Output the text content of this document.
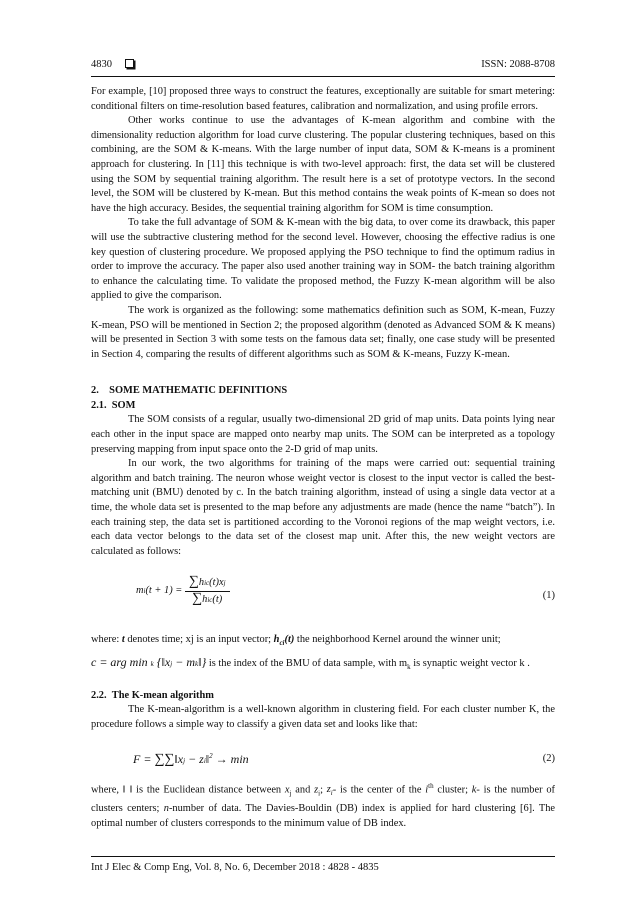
4830	ISSN: 2088-8708

For example, [10] proposed three ways to construct the features, exceptionally are suitable for smart metering: conditional filters on time-resolution based features, calibration and normalization, and using profile errors.

Other works continue to use the advantages of K-mean algorithm and combine with the dimensionality reduction algorithm for load curve clustering. The popular clustering techniques, based on this combining, are the SOM & K-means. With the large number of input data, SOM & K-means is a prominent approach for clustering. In [11] this technique is with two-level approach: first, the data set will be clustered using the SOM by sequential training algorithm. The result here is a set of prototype vectors. In the second level, the SOM will be clustered by K-mean. But this method contains the weak points of K-mean so does not have the high accuracy. Besides, the sequential training algorithm for SOM is time consumption.

To take the full advantage of SOM & K-mean with the big data, to over come its drawback, this paper will use the subtractive clustering method for the second level. However, choosing the effective radius is one key question of clustering procedure. We proposed applying the PSO technique to find the optimum radius in order to improve the accuracy. The paper also used another training way in SOM- the batch training algorithm to enhance the calculating time. To validate the proposed method, the Fuzzy K-mean algorithm will be also applied to give the comparison.

The work is organized as the following: some mathematics definition such as SOM, K-mean, Fuzzy K-mean, PSO will be mentioned in Section 2; the proposed algorithm (denoted as Advanced SOM & K means) will be presented in Section 3 with some tests on the famous data set; finally, one case study will be presented in Section 4, comparing the results of different algorithms such as SOM & K-means, Fuzzy K-mean.

2.    SOME MATHEMATIC DEFINITIONS

2.1.  SOM

The SOM consists of a regular, usually two-dimensional 2D grid of map units. Data points lying near each other in the input space are mapped onto nearby map units. The SOM can be interpreted as a topology preserving mapping from input space onto the 2-D grid of map units.

In our work, the two algorithms for training of the maps were carried out: sequential training algorithm and batch training. The neuron whose weight vector is closest to the input vector is called the best-matching unit (BMU) denoted by c. In the batch training algorithm, instead of using a single data vector at a time, the whole data set is presented to the map before any adjustments are made (hence the name “batch”). In each training step, the data set is partitioned according to the Voronoi regions of the map weight vectors, i.e. each data vector belongs to the data set of the closest map unit. After this, the new weight vectors are calculated as follows:

$mi(t + 1) = \frac{\text{∑hic(t)xj}}{\text{∑hic(t)}}$	(1)

where: t denotes time; xj is an input vector; $h_{ci}(t)$ the neighborhood Kernel around the winner unit;

c = arg min k {‖xj − mk‖} is the index of the BMU of data sample, with $m_k$ is synaptic weight vector k .

2.2.  The K-mean algorithm

The K-mean-algorithm is a well-known algorithm in clustering field. For each cluster number K, the procedure follows a simple way to classify a given data set and looks like that:

F = ∑∑‖xj − zi‖$^2$ → min	(2)

where, ‖ ‖ is the Euclidean distance between $x_j$ and $z_i$; $z_i-$ is the center of the $i^{th}$ cluster; k- is the number of clusters centers; n-number of data. The Davies-Bouldin (DB) index is applied for hard clustering [6]. The optimal number of clusters corresponds to the minimum value of DB index.

Int J Elec & Comp Eng, Vol. 8, No. 6, December 2018 : 4828 - 4835
